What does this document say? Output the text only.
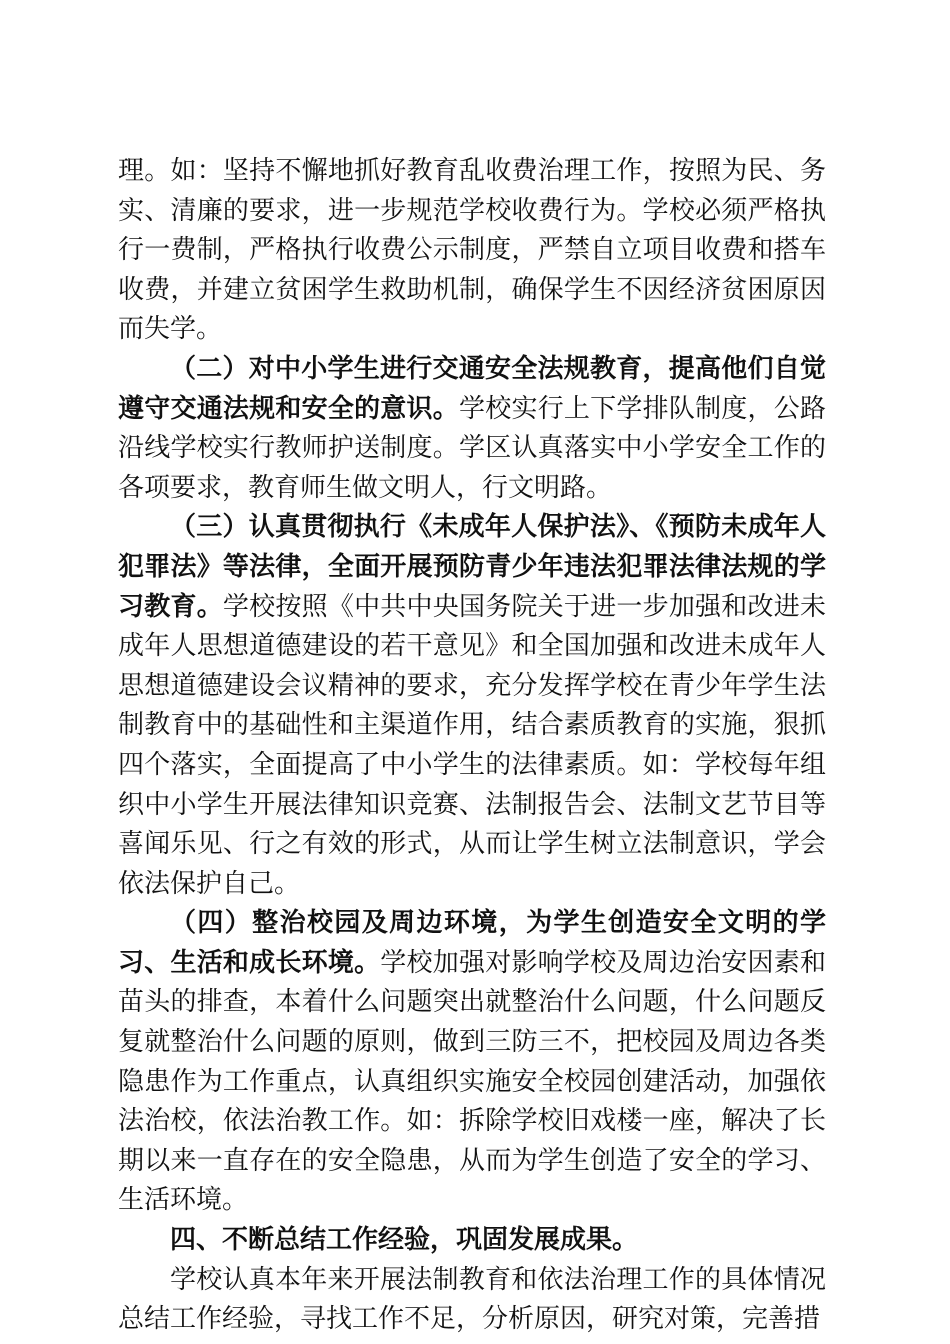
理。如：坚持不懈地抓好教育乱收费治理工作，按照为民、务实、清廉的要求，进一步规范学校收费行为。学校必须严格执行一费制，严格执行收费公示制度，严禁自立项目收费和搭车收费，并建立贫困学生救助机制，确保学生不因经济贫困原因而失学。

（二）对中小学生进行交通安全法规教育，提高他们自觉遵守交通法规和安全的意识。学校实行上下学排队制度，公路沿线学校实行教师护送制度。学区认真落实中小学安全工作的各项要求，教育师生做文明人，行文明路。

（三）认真贯彻执行《未成年人保护法》、《预防未成年人犯罪法》等法律，全面开展预防青少年违法犯罪法律法规的学习教育。学校按照《中共中央国务院关于进一步加强和改进未成年人思想道德建设的若干意见》和全国加强和改进未成年人思想道德建设会议精神的要求，充分发挥学校在青少年学生法制教育中的基础性和主渠道作用，结合素质教育的实施，狠抓四个落实，全面提高了中小学生的法律素质。如：学校每年组织中小学生开展法律知识竞赛、法制报告会、法制文艺节目等喜闻乐见、行之有效的形式，从而让学生树立法制意识，学会依法保护自己。

（四）整治校园及周边环境，为学生创造安全文明的学习、生活和成长环境。学校加强对影响学校及周边治安因素和苗头的排查，本着什么问题突出就整治什么问题，什么问题反复就整治什么问题的原则，做到三防三不，把校园及周边各类隐患作为工作重点，认真组织实施安全校园创建活动，加强依法治校，依法治教工作。如：拆除学校旧戏楼一座，解决了长期以来一直存在的安全隐患，从而为学生创造了安全的学习、生活环境。

四、不断总结工作经验，巩固发展成果。

学校认真本年来开展法制教育和依法治理工作的具体情况总结工作经验，寻找工作不足，分析原因，研究对策，完善措
